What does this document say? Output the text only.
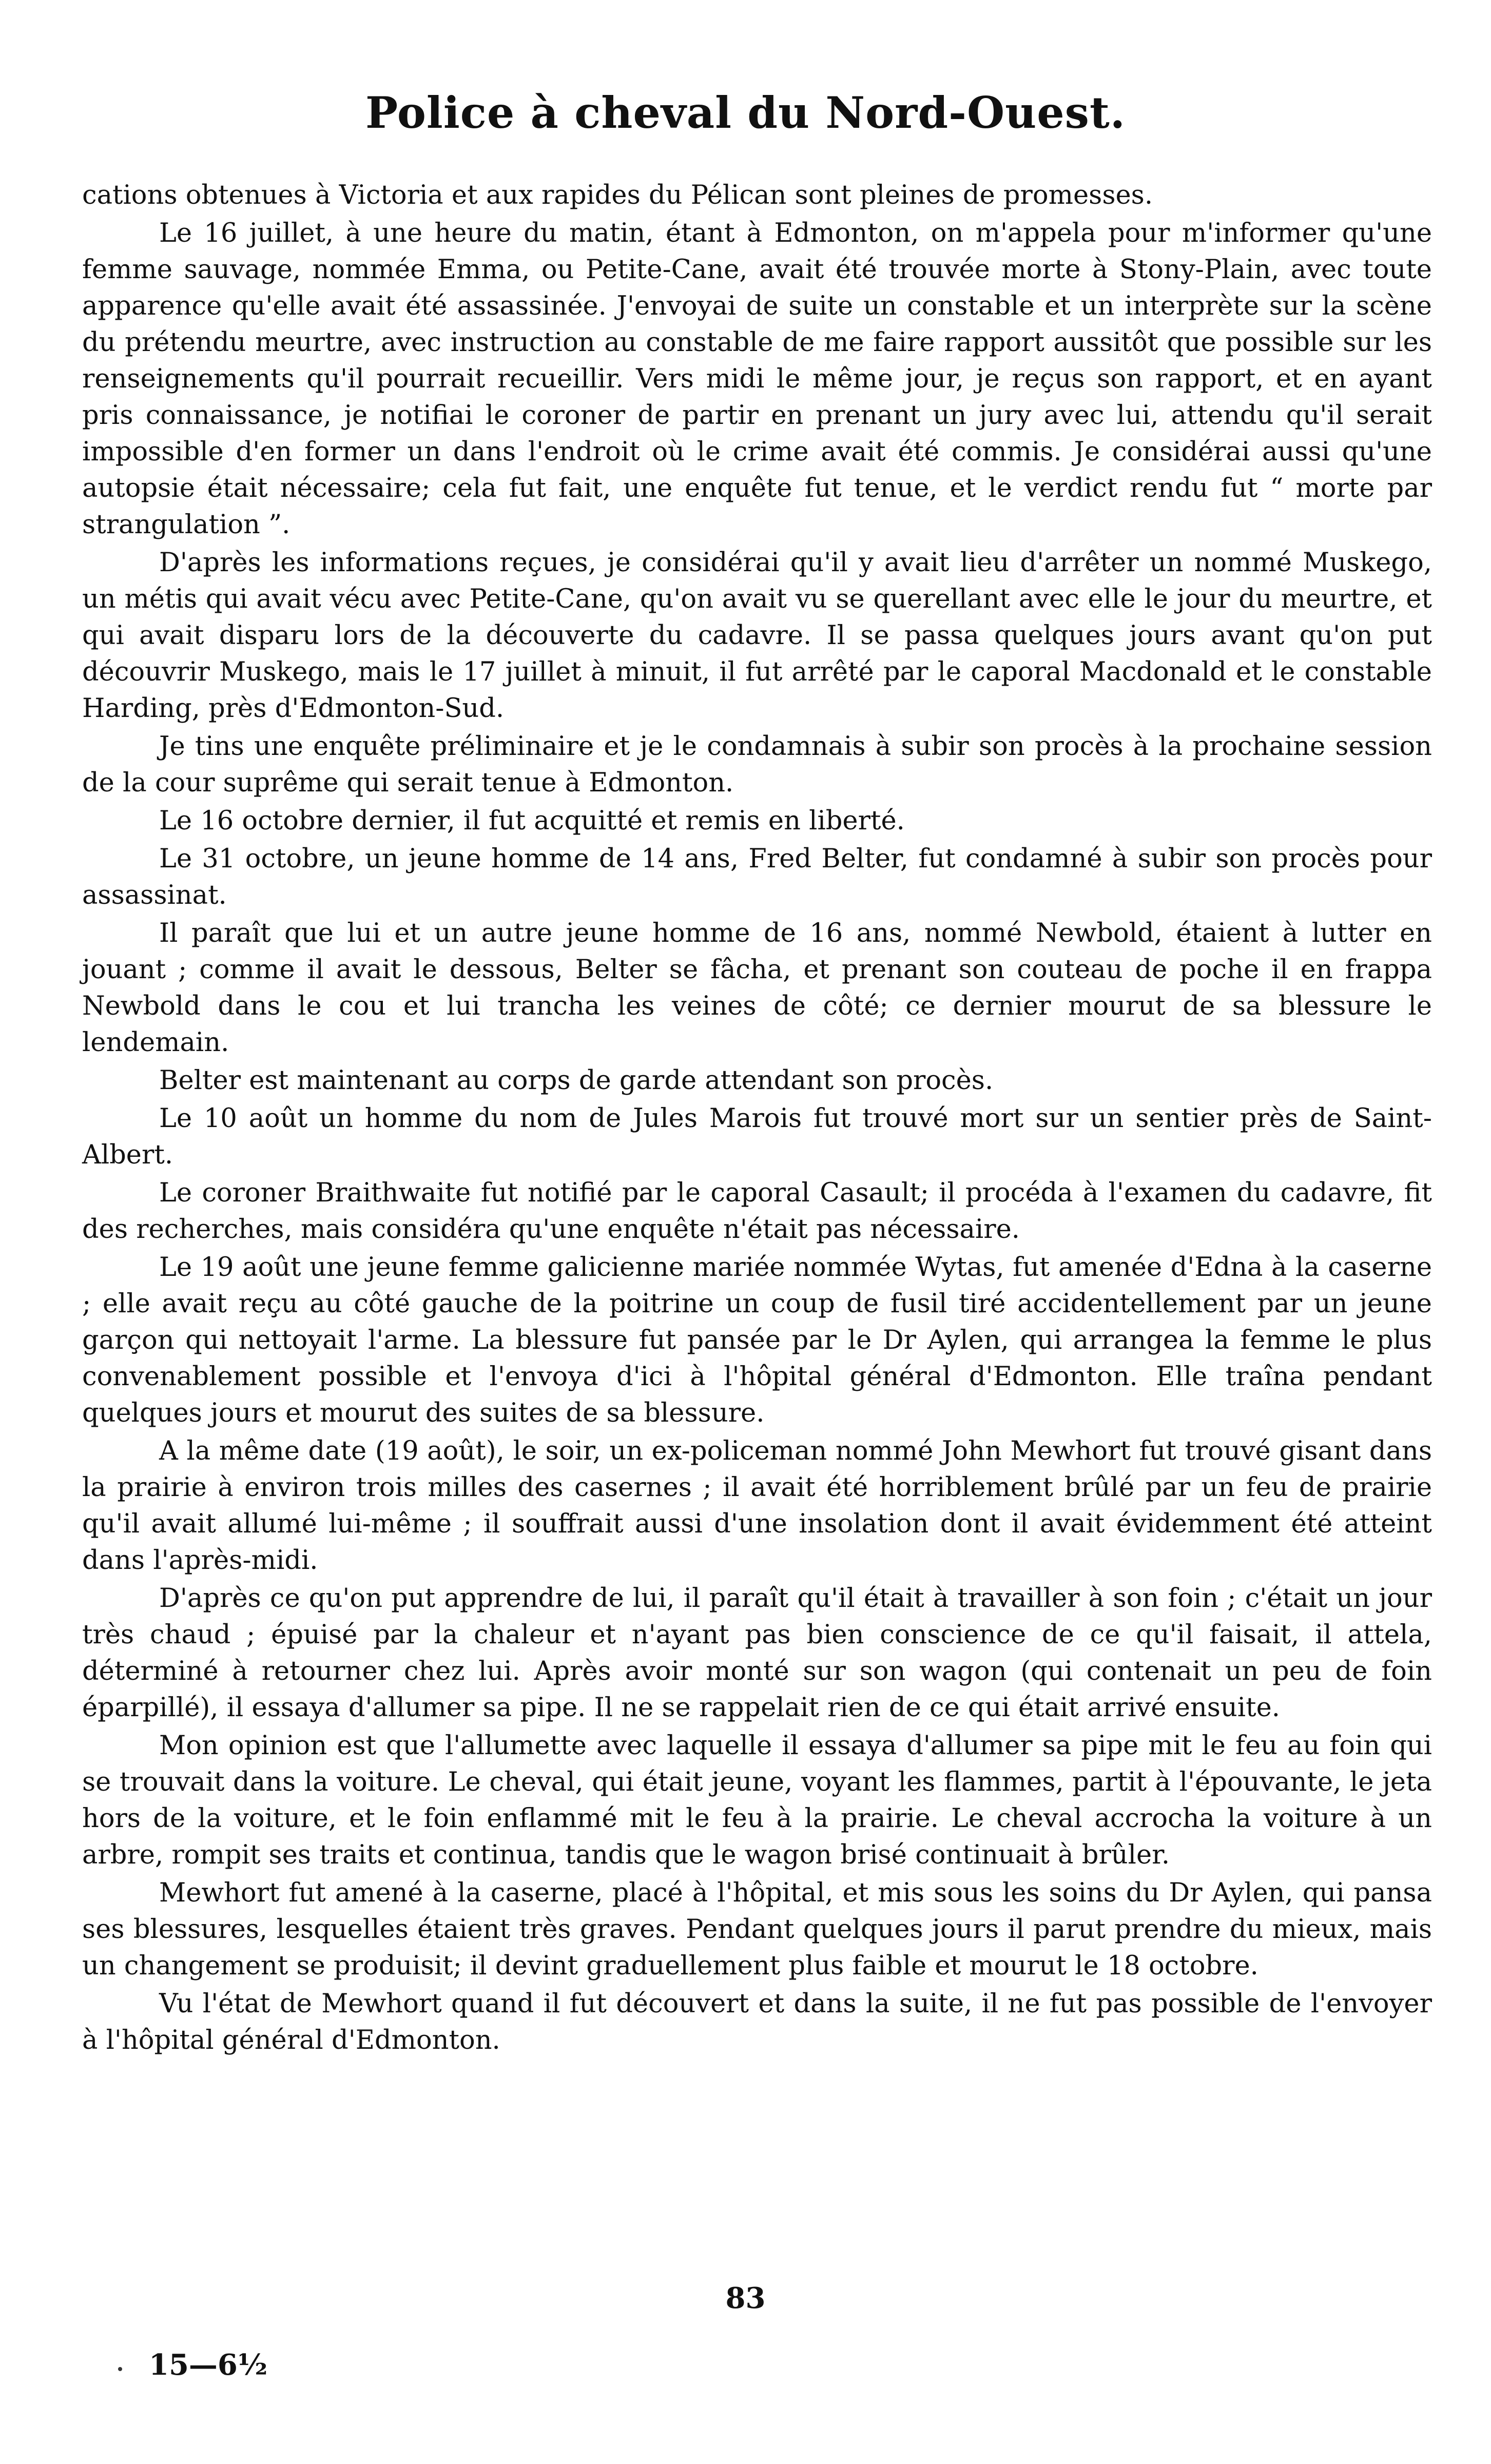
Police à cheval du Nord-Ouest.

cations obtenues à Victoria et aux rapides du Pélican sont pleines de promesses.

Le 16 juillet, à une heure du matin, étant à Edmonton, on m'appela pour m'informer qu'une femme sauvage, nommée Emma, ou Petite-Cane, avait été trouvée morte à Stony-Plain, avec toute apparence qu'elle avait été assassinée. J'envoyai de suite un constable et un interprète sur la scène du prétendu meurtre, avec instruction au constable de me faire rapport aussitôt que possible sur les renseignements qu'il pourrait recueillir. Vers midi le même jour, je reçus son rapport, et en ayant pris connaissance, je notifiai le coroner de partir en prenant un jury avec lui, attendu qu'il serait impossible d'en former un dans l'endroit où le crime avait été commis. Je considérai aussi qu'une autopsie était nécessaire; cela fut fait, une enquête fut tenue, et le verdict rendu fut “ morte par strangulation ”.

D'après les informations reçues, je considérai qu'il y avait lieu d'arrêter un nommé Muskego, un métis qui avait vécu avec Petite-Cane, qu'on avait vu se querellant avec elle le jour du meurtre, et qui avait disparu lors de la découverte du cadavre. Il se passa quelques jours avant qu'on put découvrir Muskego, mais le 17 juillet à minuit, il fut arrêté par le caporal Macdonald et le constable Harding, près d'Edmonton-Sud.

Je tins une enquête préliminaire et je le condamnais à subir son procès à la prochaine session de la cour suprême qui serait tenue à Edmonton.

Le 16 octobre dernier, il fut acquitté et remis en liberté.

Le 31 octobre, un jeune homme de 14 ans, Fred Belter, fut condamné à subir son procès pour assassinat.

Il paraît que lui et un autre jeune homme de 16 ans, nommé Newbold, étaient à lutter en jouant ; comme il avait le dessous, Belter se fâcha, et prenant son couteau de poche il en frappa Newbold dans le cou et lui trancha les veines de côté; ce dernier mourut de sa blessure le lendemain.

Belter est maintenant au corps de garde attendant son procès.

Le 10 août un homme du nom de Jules Marois fut trouvé mort sur un sentier près de Saint-Albert.

Le coroner Braithwaite fut notifié par le caporal Casault; il procéda à l'examen du cadavre, fit des recherches, mais considéra qu'une enquête n'était pas nécessaire.

Le 19 août une jeune femme galicienne mariée nommée Wytas, fut amenée d'Edna à la caserne ; elle avait reçu au côté gauche de la poitrine un coup de fusil tiré accidentellement par un jeune garçon qui nettoyait l'arme. La blessure fut pansée par le Dr Aylen, qui arrangea la femme le plus convenablement possible et l'envoya d'ici à l'hôpital général d'Edmonton. Elle traîna pendant quelques jours et mourut des suites de sa blessure.

A la même date (19 août), le soir, un ex-policeman nommé John Mewhort fut trouvé gisant dans la prairie à environ trois milles des casernes ; il avait été horriblement brûlé par un feu de prairie qu'il avait allumé lui-même ; il souffrait aussi d'une insolation dont il avait évidemment été atteint dans l'après-midi.

D'après ce qu'on put apprendre de lui, il paraît qu'il était à travailler à son foin ; c'était un jour très chaud ; épuisé par la chaleur et n'ayant pas bien conscience de ce qu'il faisait, il attela, déterminé à retourner chez lui. Après avoir monté sur son wagon (qui contenait un peu de foin éparpillé), il essaya d'allumer sa pipe. Il ne se rappelait rien de ce qui était arrivé ensuite.

Mon opinion est que l'allumette avec laquelle il essaya d'allumer sa pipe mit le feu au foin qui se trouvait dans la voiture. Le cheval, qui était jeune, voyant les flammes, partit à l'épouvante, le jeta hors de la voiture, et le foin enflammé mit le feu à la prairie. Le cheval accrocha la voiture à un arbre, rompit ses traits et continua, tandis que le wagon brisé continuait à brûler.

Mewhort fut amené à la caserne, placé à l'hôpital, et mis sous les soins du Dr Aylen, qui pansa ses blessures, lesquelles étaient très graves. Pendant quelques jours il parut prendre du mieux, mais un changement se produisit; il devint graduellement plus faible et mourut le 18 octobre.

Vu l'état de Mewhort quand il fut découvert et dans la suite, il ne fut pas possible de l'envoyer à l'hôpital général d'Edmonton.

83
15—6½
